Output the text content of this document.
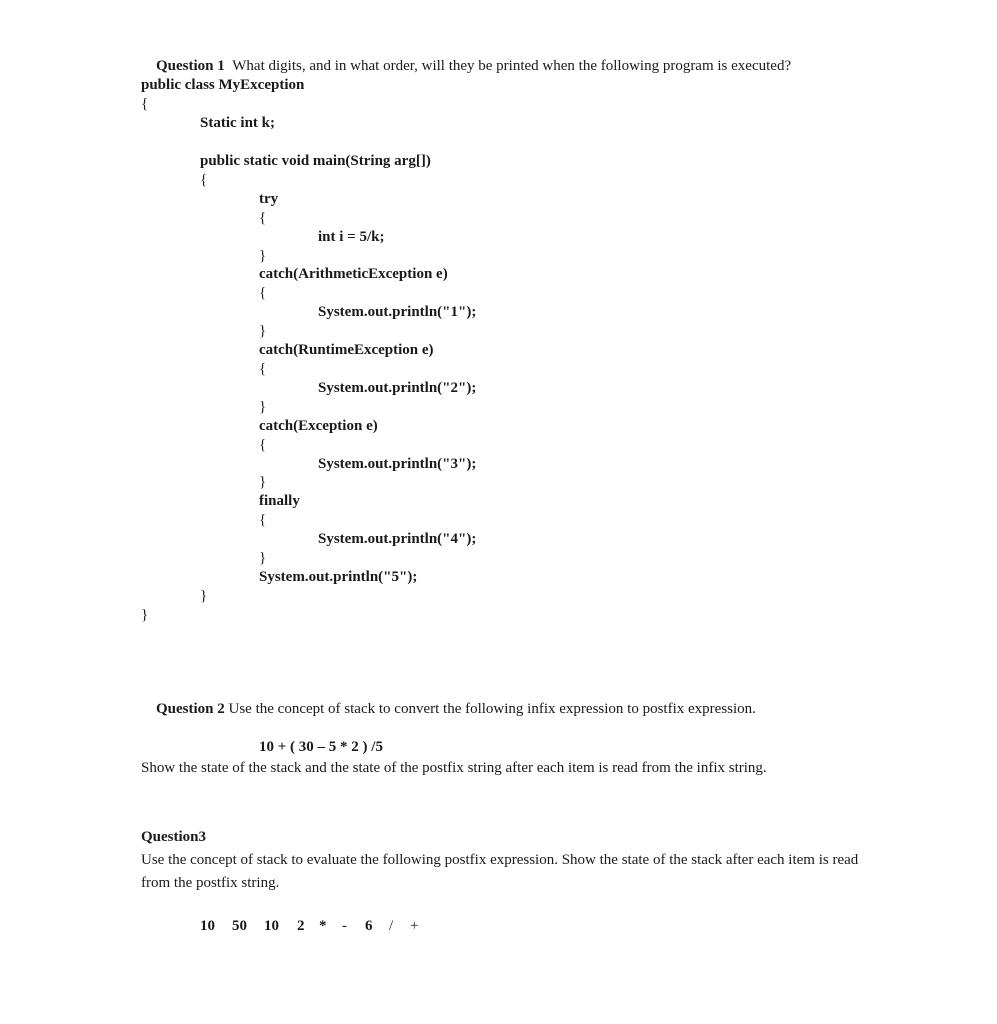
Question 1 What digits, and in what order, will they be printed when the following program is executed?

public class MyException
{
Static int k;
public static void main(String arg[])
{
try
{
int i = 5/k;
}
catch(ArithmeticException e)
{
System.out.println("1");
}
catch(RuntimeException e)
{
System.out.println("2");
}
catch(Exception e)
{
System.out.println("3");
}
finally
{
System.out.println("4");
}
System.out.println("5");
}
}

Question 2 Use the concept of stack to convert the following infix expression to postfix expression.

10 + ( 30 – 5 * 2 ) /5
Show the state of the stack and the state of the postfix string after each item is read from the infix string.
Question3
Use the concept of stack to evaluate the following postfix expression. Show the state of the stack after each item is read from the postfix string.
10 50 10 2 * - 6 / +
